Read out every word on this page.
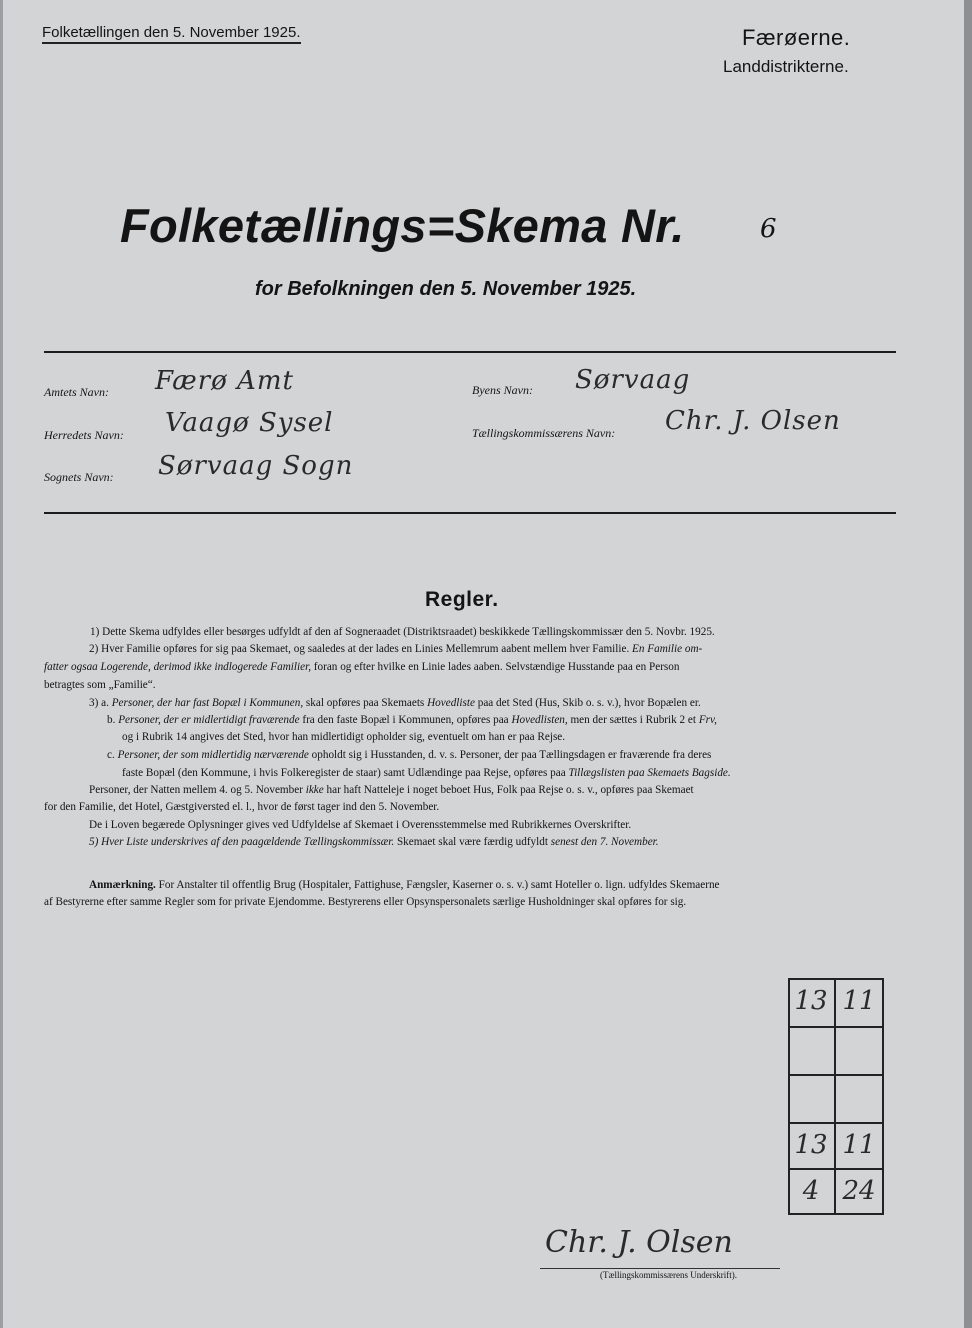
Folketællingen den 5. November 1925.	Færøerne.
Landdistrikterne.
Folketællings=Skema Nr.	6
for Befolkningen den 5. November 1925.
Amtets Navn: Færø Amt	Byens Navn: Sørvaag
Herredets Navn: Vaagø Sysel	Tællingskommissærens Navn: Chr. J. Olsen
Sognets Navn: Sørvaag Sogn
Regler.
1) Dette Skema udfyldes eller besørges udfyldt af den af Sogneraadet (Distriktsraadet) beskikkede Tællingskommissær den 5. Novbr. 1925.
2) Hver Familie opføres for sig paa Skemaet, og saaledes at der lades en Linies Mellemrum aabent mellem hver Familie. En Familie om-
fatter ogsaa Logerende, derimod ikke indlogerede Familier, foran og efter hvilke en Linie lades aaben. Selvstændige Husstande paa en Person
betragtes som „Familie“.
3) a. Personer, der har fast Bopæl i Kommunen, skal opføres paa Skemaets Hovedliste paa det Sted (Hus, Skib o. s. v.), hvor Bopælen er.
b. Personer, der er midlertidigt fraværende fra den faste Bopæl i Kommunen, opføres paa Hovedlisten, men der sættes i Rubrik 2 et Frv,
og i Rubrik 14 angives det Sted, hvor han midlertidigt opholder sig, eventuelt om han er paa Rejse.
c. Personer, der som midlertidig nærværende opholdt sig i Husstanden, d. v. s. Personer, der paa Tællingsdagen er fraværende fra deres
faste Bopæl (den Kommune, i hvis Folkeregister de staar) samt Udlændinge paa Rejse, opføres paa Tillægslisten paa Skemaets Bagside.
Personer, der Natten mellem 4. og 5. November ikke har haft Natteleje i noget beboet Hus, Folk paa Rejse o. s. v., opføres paa Skemaet
for den Familie, det Hotel, Gæstgiversted el. l., hvor de først tager ind den 5. November.
De i Loven begærede Oplysninger gives ved Udfyldelse af Skemaet i Overensstemmelse med Rubrikkernes Overskrifter.
5) Hver Liste underskrives af den paagældende Tællingskommissær. Skemaet skal være færdig udfyldt senest den 7. November.
Anmærkning. For Anstalter til offentlig Brug (Hospitaler, Fattighuse, Fængsler, Kaserner o. s. v.) samt Hoteller o. lign. udfyldes Skemaerne
af Bestyrerne efter samme Regler som for private Ejendomme. Bestyrerens eller Opsynspersonalets særlige Husholdninger skal opføres for sig.
13 11
13 11
4 24
Chr. J. Olsen
(Tællingskommissærens Underskrift).
